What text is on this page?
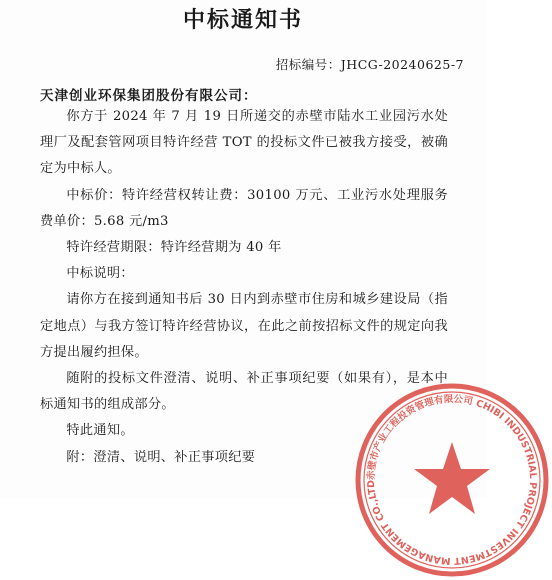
中标通知书
招标编号：JHCG-20240625-7
天津创业环保集团股份有限公司：

你方于 2024 年 7 月 19 日所递交的赤壁市陆水工业园污水处理厂及配套管网项目特许经营 TOT 的投标文件已被我方接受，被确定为中标人。

中标价：特许经营权转让费：30100 万元、工业污水处理服务费单价：5.68 元/m3

特许经营期限：特许经营期为 40 年

中标说明：

请你方在接到通知书后 30 日内到赤壁市住房和城乡建设局（指定地点）与我方签订特许经营协议，在此之前按招标文件的规定向我方提出履约担保。

随附的投标文件澄清、说明、补正事项纪要（如果有），是本中标通知书的组成部分。

特此通知。

附：澄清、说明、补正事项纪要

赤壁市产业工程投资管理有限公司 CHIBI INDUSTRIAL PROJECT INVESTMENT MANAGEMENT CO.,LTD
